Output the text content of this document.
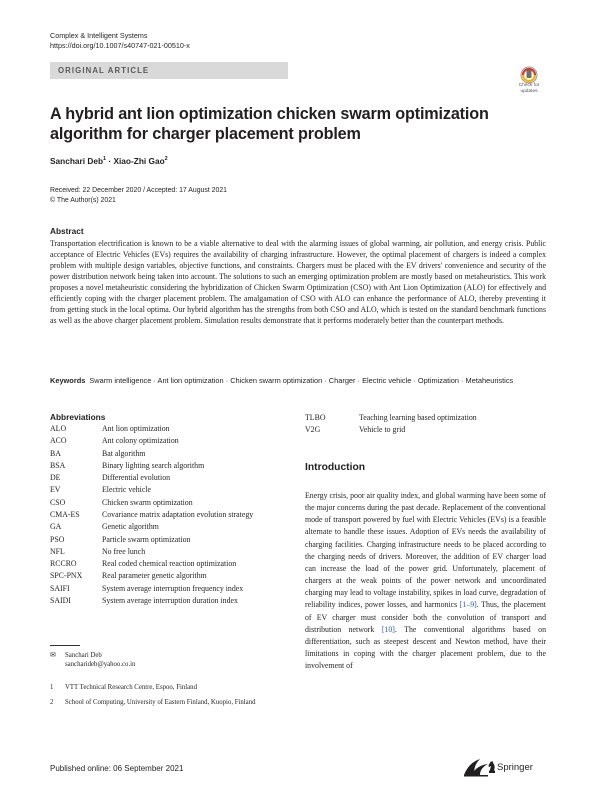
Complex & Intelligent Systems
https://doi.org/10.1007/s40747-021-00510-x
ORIGINAL ARTICLE
Check for
updates
A hybrid ant lion optimization chicken swarm optimization algorithm for charger placement problem
Sanchari Deb$^1$ · Xiao-Zhi Gao$^2$
Received: 22 December 2020 / Accepted: 17 August 2021
© The Author(s) 2021
Abstract
Transportation electrification is known to be a viable alternative to deal with the alarming issues of global warming, air pollution, and energy crisis. Public acceptance of Electric Vehicles (EVs) requires the availability of charging infrastructure. However, the optimal placement of chargers is indeed a complex problem with multiple design variables, objective functions, and constraints. Chargers must be placed with the EV drivers' convenience and security of the power distribution network being taken into account. The solutions to such an emerging optimization problem are mostly based on metaheuristics. This work proposes a novel metaheuristic considering the hybridization of Chicken Swarm Optimization (CSO) with Ant Lion Optimization (ALO) for effectively and efficiently coping with the charger placement problem. The amalgamation of CSO with ALO can enhance the performance of ALO, thereby preventing it from getting stuck in the local optima. Our hybrid algorithm has the strengths from both CSO and ALO, which is tested on the standard benchmark functions as well as the above charger placement problem. Simulation results demonstrate that it performs moderately better than the counterpart methods.
Keywords Swarm intelligence · Ant lion optimization · Chicken swarm optimization · Charger · Electric vehicle · Optimization · Metaheuristics
Abbreviations
ALO	Ant lion optimization
ACO	Ant colony optimization
BA	Bat algorithm
BSA	Binary lighting search algorithm
DE	Differential evolution
EV	Electric vehicle
CSO	Chicken swarm optimization
CMA-ES	Covariance matrix adaptation evolution strategy
GA	Genetic algorithm
PSO	Particle swarm optimization
NFL	No free lunch
RCCRO	Real coded chemical reaction optimization
SPC-PNX	Real parameter genetic algorithm
SAIFI	System average interruption frequency index
SAIDI	System average interruption duration index
TLBO	Teaching learning based optimization
V2G	Vehicle to grid
Introduction
Energy crisis, poor air quality index, and global warming have been some of the major concerns during the past decade. Replacement of the conventional mode of transport powered by fuel with Electric Vehicles (EVs) is a feasible alternate to handle these issues. Adoption of EVs needs the availability of charging facilities. Charging infrastructure needs to be placed according to the charging needs of drivers. Moreover, the addition of EV charger load can increase the load of the power grid. Unfortunately, placement of chargers at the weak points of the power network and uncoordinated charging may lead to voltage instability, spikes in load curve, degradation of reliability indices, power losses, and harmonics [1–9]. Thus, the placement of EV charger must consider both the convolution of transport and distribution network [10]. The conventional algorithms based on differentiation, such as steepest descent and Newton method, have their limitations in coping with the charger placement problem, due to the involvement of
✉ Sanchari Deb
sancharideb@yahoo.co.in
1 VTT Technical Research Centre, Espoo, Finland
2 School of Computing, University of Eastern Finland, Kuopio, Finland
Published online: 06 September 2021	Springer
